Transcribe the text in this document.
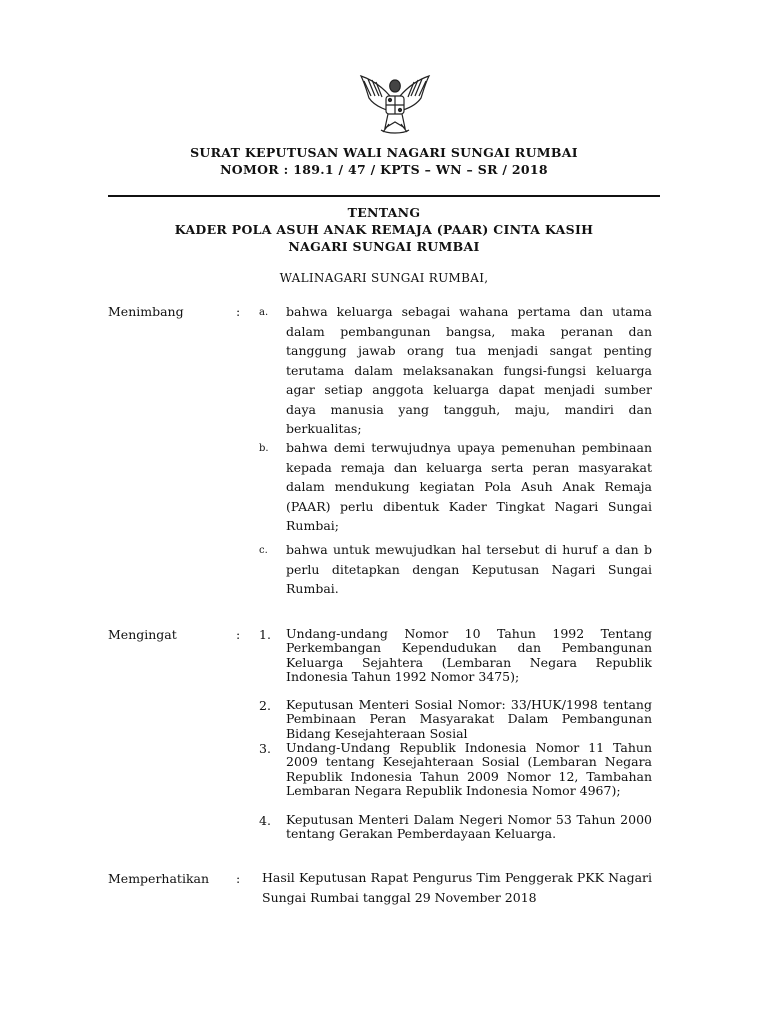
SURAT KEPUTUSAN WALI NAGARI SUNGAI RUMBAI
NOMOR : 189.1 / 47 / KPTS – WN – SR / 2018
TENTANG
KADER POLA ASUH ANAK REMAJA (PAAR) CINTA KASIH
NAGARI SUNGAI RUMBAI
WALINAGARI SUNGAI RUMBAI,
Menimbang	: a. bahwa keluarga sebagai wahana pertama dan utama dalam pembangunan bangsa, maka peranan dan tanggung jawab orang tua menjadi sangat penting terutama dalam melaksanakan fungsi-fungsi keluarga agar setiap anggota keluarga dapat menjadi sumber daya manusia yang tangguh, maju, mandiri dan berkualitas;
b. bahwa demi terwujudnya upaya pemenuhan pembinaan kepada remaja dan keluarga serta peran masyarakat dalam mendukung kegiatan Pola Asuh Anak Remaja (PAAR) perlu dibentuk Kader Tingkat Nagari Sungai Rumbai;
c. bahwa untuk mewujudkan hal tersebut di huruf a dan b perlu ditetapkan dengan Keputusan Nagari Sungai Rumbai.
Mengingat	: 1. Undang-undang Nomor 10 Tahun 1992 Tentang Perkembangan Kependudukan dan Pembangunan Keluarga Sejahtera (Lembaran Negara Republik Indonesia Tahun 1992 Nomor 3475);
2. Keputusan Menteri Sosial Nomor: 33/HUK/1998 tentang Pembinaan Peran Masyarakat Dalam Pembangunan Bidang Kesejahteraan Sosial
3. Undang-Undang Republik Indonesia Nomor 11 Tahun 2009 tentang Kesejahteraan Sosial (Lembaran Negara Republik Indonesia Tahun 2009 Nomor 12, Tambahan Lembaran Negara Republik Indonesia Nomor 4967);
4. Keputusan Menteri Dalam Negeri Nomor 53 Tahun 2000 tentang Gerakan Pemberdayaan Keluarga.
Memperhatikan : Hasil Keputusan Rapat Pengurus Tim Penggerak PKK Nagari Sungai Rumbai tanggal 29 November 2018
